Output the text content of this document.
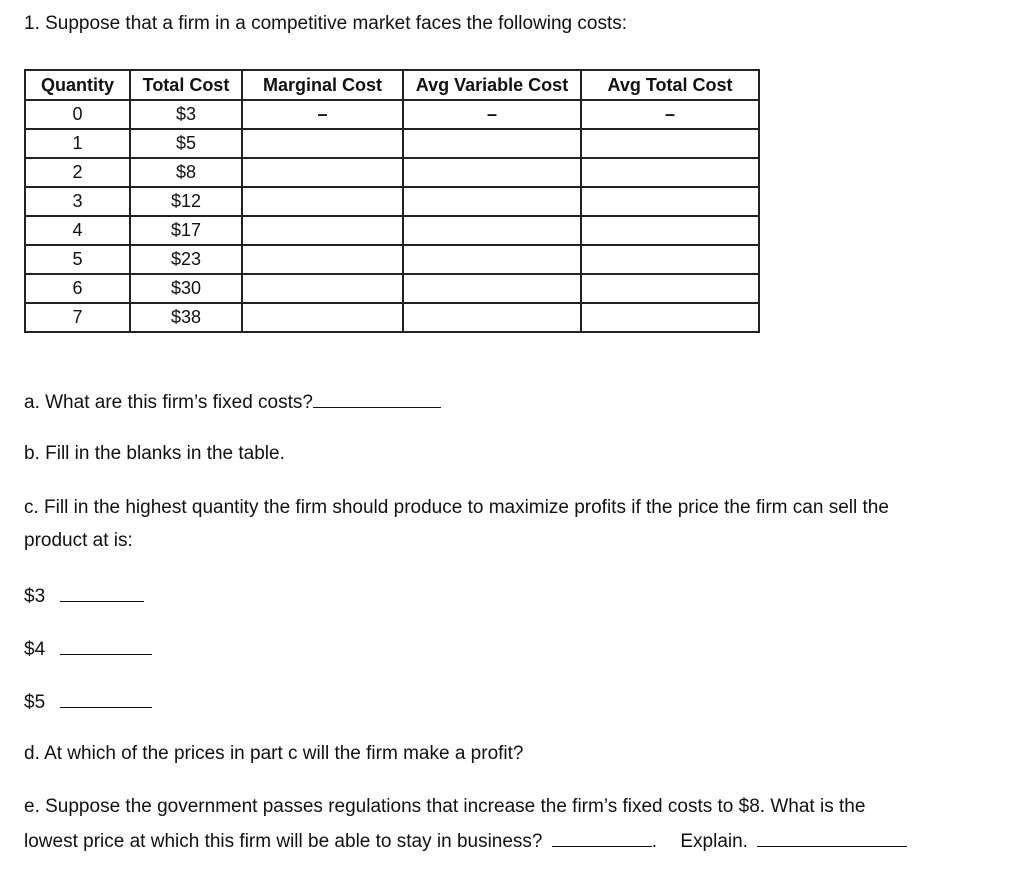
1. Suppose that a firm in a competitive market faces the following costs:
Quantity	Total Cost	Marginal Cost	Avg Variable Cost	Avg Total Cost
0	$3	–	–	–
1	$5			
2	$8			
3	$12			
4	$17			
5	$23			
6	$30			
7	$38			
a. What are this firm’s fixed costs?
b. Fill in the blanks in the table.
c. Fill in the highest quantity the firm should produce to maximize profits if the price the firm can sell the
product at is:
$3
$4
$5
d. At which of the prices in part c will the firm make a profit?
e. Suppose the government passes regulations that increase the firm’s fixed costs to $8. What is the
lowest price at which this firm will be able to stay in business?	. Explain.
